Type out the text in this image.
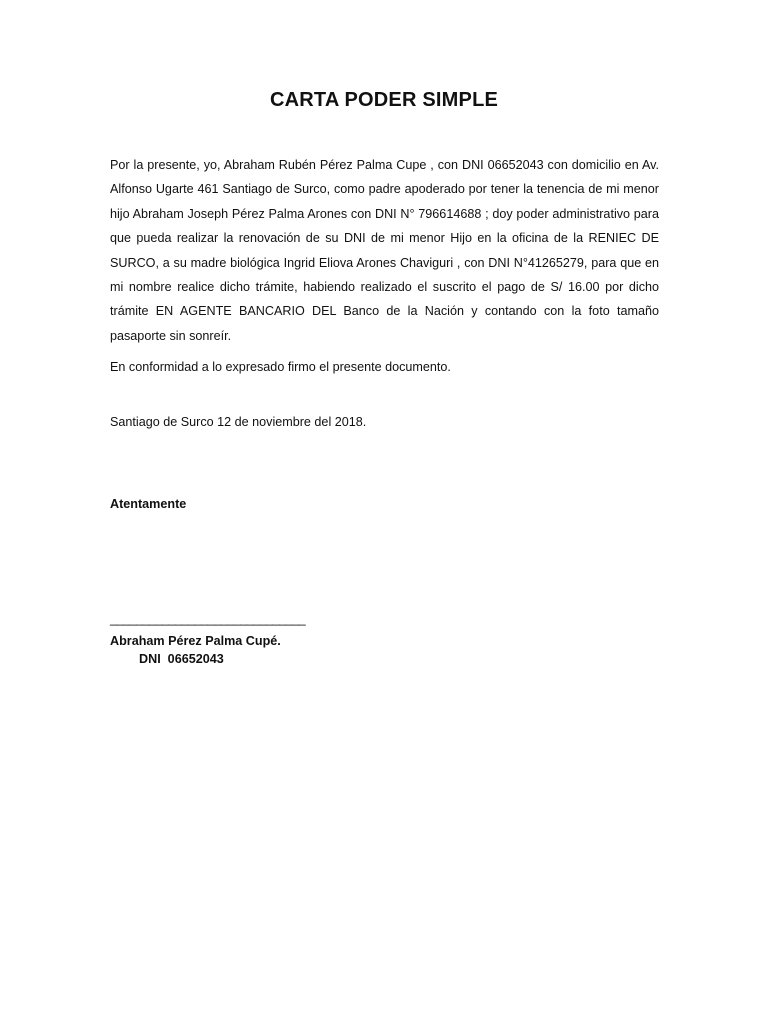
CARTA PODER SIMPLE

Por la presente, yo, Abraham Rubén Pérez Palma Cupe , con DNI 06652043 con domicilio en Av. Alfonso Ugarte 461 Santiago de Surco, como padre apoderado por tener la tenencia de mi menor hijo Abraham Joseph Pérez Palma Arones con DNI N° 796614688 ; doy poder administrativo para que pueda realizar la renovación de su DNI de mi menor Hijo en la oficina de la RENIEC DE SURCO, a su madre biológica Ingrid Eliova Arones Chaviguri , con DNI N°41265279, para que en mi nombre realice dicho trámite, habiendo realizado el suscrito el pago de S/ 16.00 por dicho trámite EN AGENTE BANCARIO DEL Banco de la Nación y contando con la foto tamaño pasaporte sin sonreír.

En conformidad a lo expresado firmo el presente documento.

Santiago de Surco 12 de noviembre del 2018.

Atentamente

______________________________

Abraham Pérez Palma Cupé.

DNI  06652043
